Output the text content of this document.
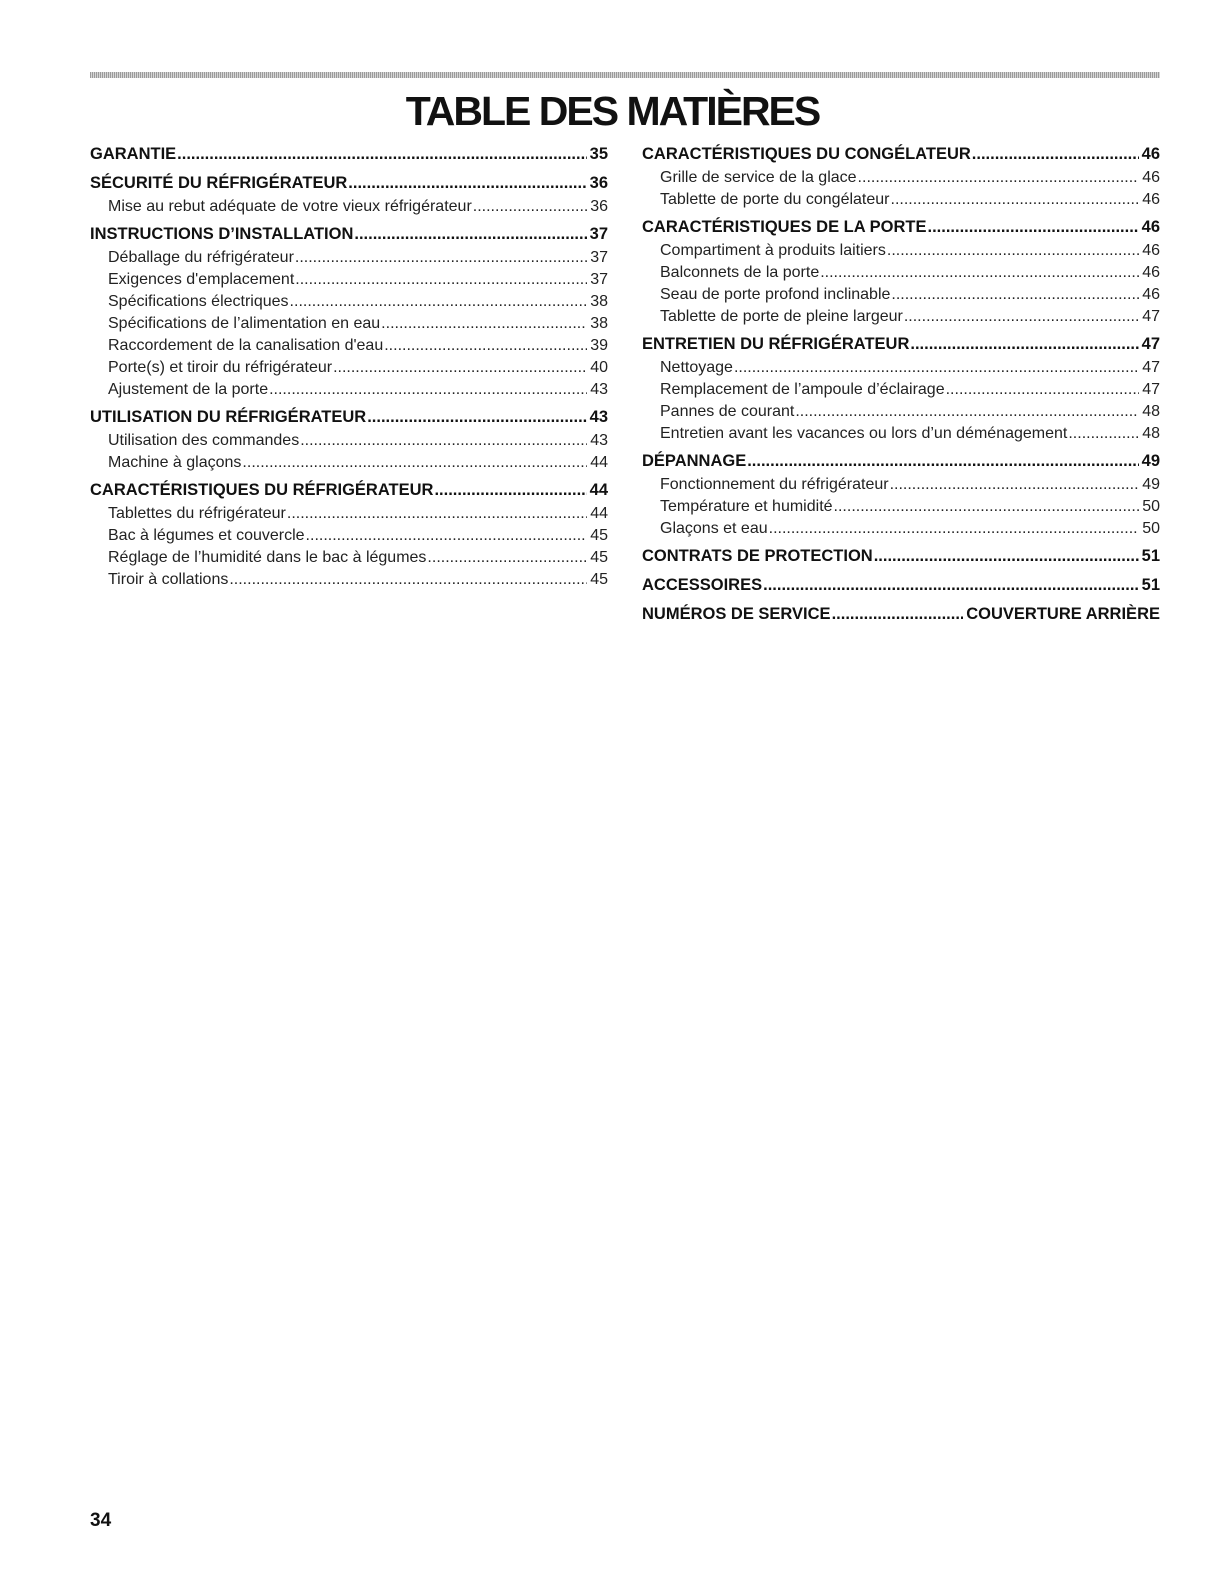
TABLE DES MATIÈRES
GARANTIE .....	35
SÉCURITÉ DU RÉFRIGÉRATEUR .....	36
Mise au rebut adéquate de votre vieux réfrigérateur .....	36
INSTRUCTIONS D’INSTALLATION .....	37
Déballage du réfrigérateur .....	37
Exigences d'emplacement .....	37
Spécifications électriques .....	38
Spécifications de l’alimentation en eau .....	38
Raccordement de la canalisation d'eau .....	39
Porte(s) et tiroir du réfrigérateur .....	40
Ajustement de la porte .....	43
UTILISATION DU RÉFRIGÉRATEUR .....	43
Utilisation des commandes .....	43
Machine à glaçons .....	44
CARACTÉRISTIQUES DU RÉFRIGÉRATEUR .....	44
Tablettes du réfrigérateur .....	44
Bac à légumes et couvercle .....	45
Réglage de l’humidité dans le bac à légumes .....	45
Tiroir à collations .....	45
CARACTÉRISTIQUES DU CONGÉLATEUR .....	46
Grille de service de la glace .....	46
Tablette de porte du congélateur .....	46
CARACTÉRISTIQUES DE LA PORTE .....	46
Compartiment à produits laitiers .....	46
Balconnets de la porte .....	46
Seau de porte profond inclinable .....	46
Tablette de porte de pleine largeur .....	47
ENTRETIEN DU RÉFRIGÉRATEUR .....	47
Nettoyage .....	47
Remplacement de l’ampoule d’éclairage .....	47
Pannes de courant .....	48
Entretien avant les vacances ou lors d’un déménagement .....	48
DÉPANNAGE .....	49
Fonctionnement du réfrigérateur .....	49
Température et humidité .....	50
Glaçons et eau .....	50
CONTRATS DE PROTECTION .....	51
ACCESSOIRES .....	51
NUMÉROS DE SERVICE .....	COUVERTURE ARRIÈRE
34
